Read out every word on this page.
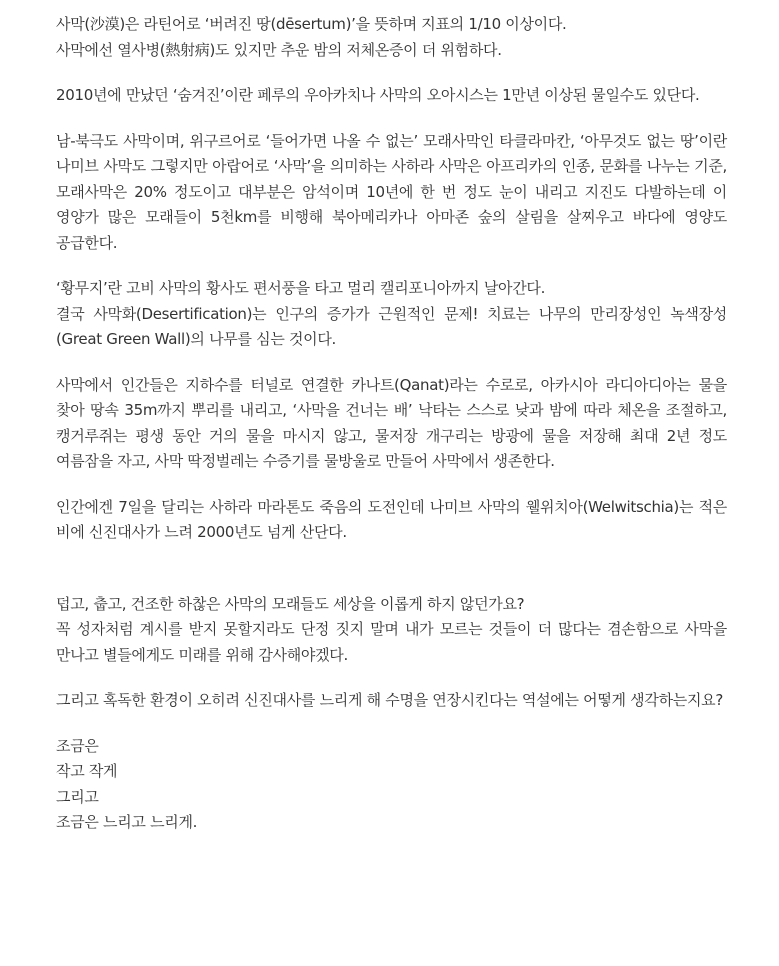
사막(沙漠)은 라틴어로 ‘버려진 땅(dēsertum)’을 뜻하며 지표의 1/10 이상이다.
사막에선 열사병(熱射病)도 있지만 추운 밤의 저체온증이 더 위험하다.

2010년에 만났던 ‘숨겨진’이란 페루의 우아카치나 사막의 오아시스는 1만년 이상된 물일수도 있단다.

남-북극도 사막이며, 위구르어로 ‘들어가면 나올 수 없는’ 모래사막인 타클라마칸, ‘아무것도 없는 땅’이란 나미브 사막도 그렇지만 아랍어로 ‘사막’을 의미하는 사하라 사막은 아프리카의 인종, 문화를 나누는 기준, 모래사막은 20% 정도이고 대부분은 암석이며 10년에 한 번 정도 눈이 내리고 지진도 다발하는데 이 영양가 많은 모래들이 5천km를 비행해 북아메리카나 아마존 숲의 살림을 살찌우고 바다에 영양도 공급한다.

‘황무지’란 고비 사막의 황사도 편서풍을 타고 멀리 캘리포니아까지 날아간다.
결국 사막화(Desertification)는 인구의 증가가 근원적인 문제! 치료는 나무의 만리장성인 녹색장성(Great Green Wall)의 나무를 심는 것이다.

사막에서 인간들은 지하수를 터널로 연결한 카나트(Qanat)라는 수로로, 아카시아 라디아디아는 물을 찾아 땅속 35m까지 뿌리를 내리고, ‘사막을 건너는 배’ 낙타는 스스로 낮과 밤에 따라 체온을 조절하고, 캥거루쥐는 평생 동안 거의 물을 마시지 않고, 물저장 개구리는 방광에 물을 저장해 최대 2년 정도 여름잠을 자고, 사막 딱정벌레는 수증기를 물방울로 만들어 사막에서 생존한다.

인간에겐 7일을 달리는 사하라 마라톤도 죽음의 도전인데 나미브 사막의 웰위치아(Welwitschia)는 적은 비에 신진대사가 느려 2000년도 넘게 산단다.

덥고, 춥고, 건조한 하찮은 사막의 모래들도 세상을 이롭게 하지 않던가요?
꼭 성자처럼 계시를 받지 못할지라도 단정 짓지 말며 내가 모르는 것들이 더 많다는 겸손함으로 사막을 만나고 별들에게도 미래를 위해 감사해야겠다.

그리고 혹독한 환경이 오히려 신진대사를 느리게 해 수명을 연장시킨다는 역설에는 어떻게 생각하는지요?

조금은
작고 작게
그리고
조금은 느리고 느리게.
